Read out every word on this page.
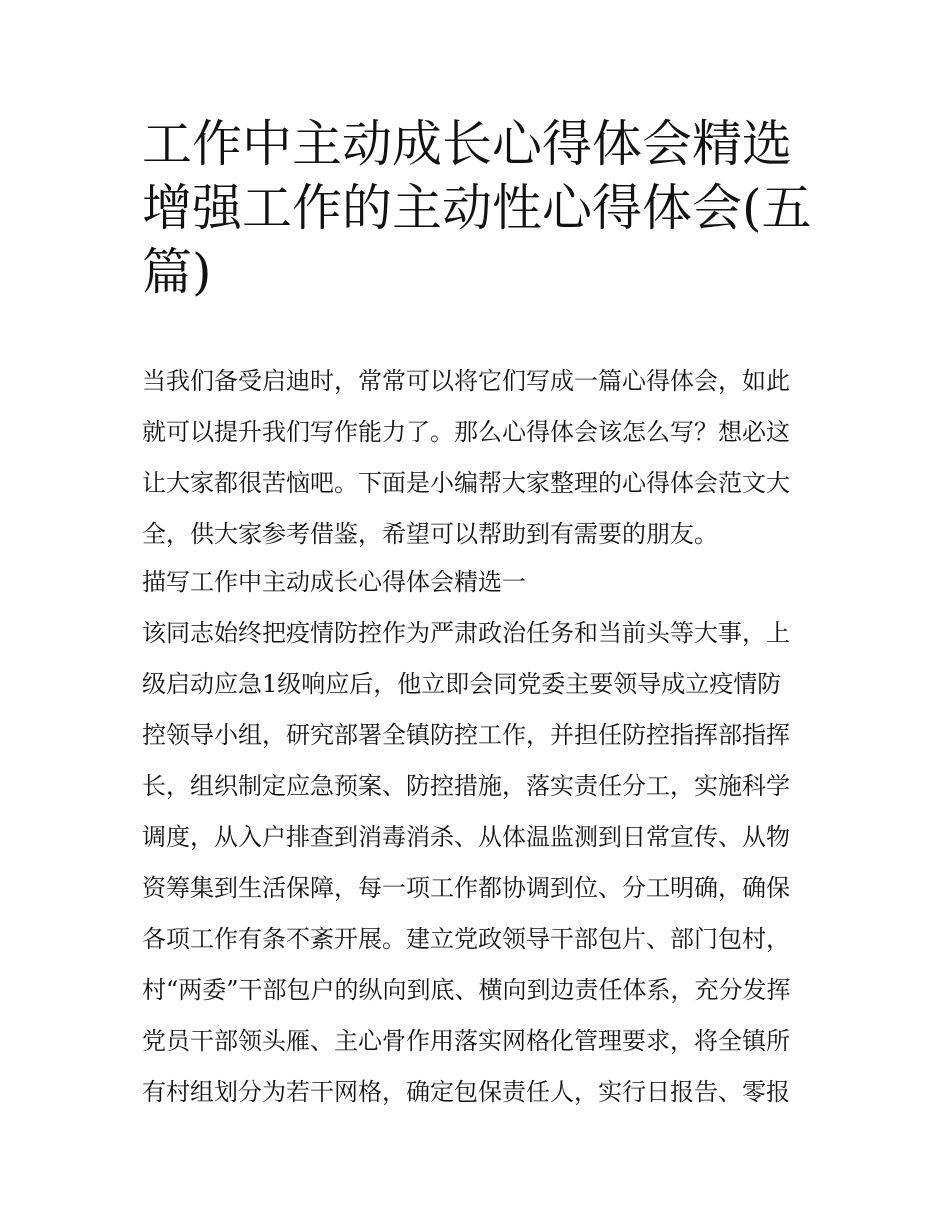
工作中主动成长心得体会精选
增强工作的主动性心得体会(五
篇)
当我们备受启迪时，常常可以将它们写成一篇心得体会，如此
就可以提升我们写作能力了。那么心得体会该怎么写？想必这
让大家都很苦恼吧。下面是小编帮大家整理的心得体会范文大
全，供大家参考借鉴，希望可以帮助到有需要的朋友。
描写工作中主动成长心得体会精选一
该同志始终把疫情防控作为严肃政治任务和当前头等大事，上
级启动应急1级响应后，他立即会同党委主要领导成立疫情防
控领导小组，研究部署全镇防控工作，并担任防控指挥部指挥
长，组织制定应急预案、防控措施，落实责任分工，实施科学
调度，从入户排查到消毒消杀、从体温监测到日常宣传、从物
资筹集到生活保障，每一项工作都协调到位、分工明确，确保
各项工作有条不紊开展。建立党政领导干部包片、部门包村，
村“两委”干部包户的纵向到底、横向到边责任体系，充分发挥
党员干部领头雁、主心骨作用落实网格化管理要求，将全镇所
有村组划分为若干网格，确定包保责任人，实行日报告、零报
